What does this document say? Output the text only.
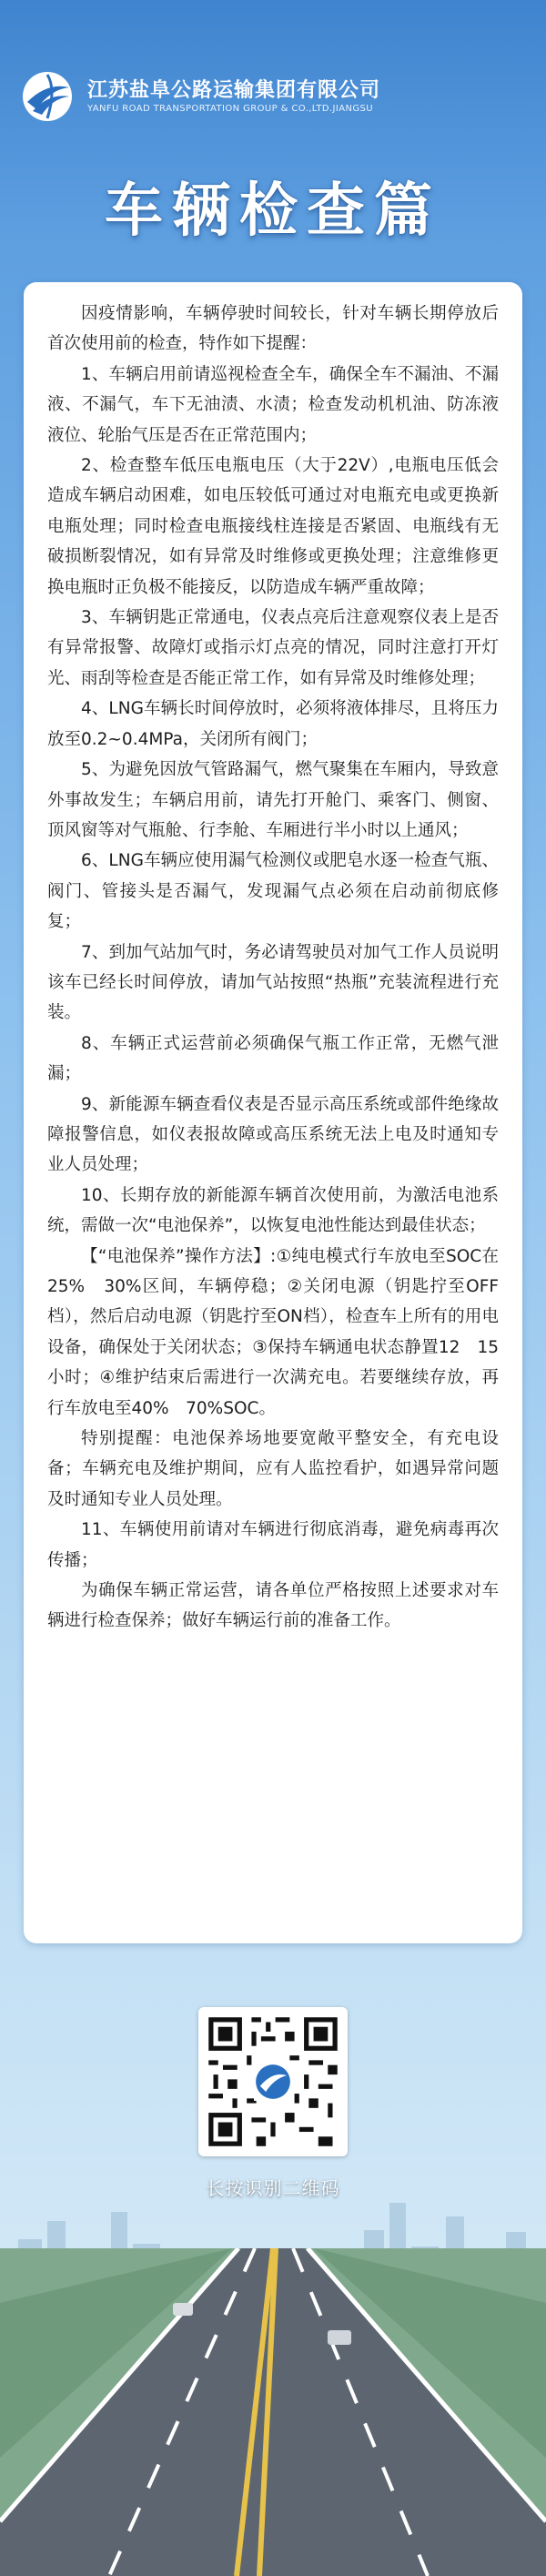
江苏盐阜公路运输集团有限公司
YANFU ROAD TRANSPORTATION GROUP & CO.,LTD.JIANGSU
车辆检查篇

因疫情影响，车辆停驶时间较长，针对车辆长期停放后首次使用前的检查，特作如下提醒：

1、车辆启用前请巡视检查全车，确保全车不漏油、不漏液、不漏气，车下无油渍、水渍；检查发动机机油、防冻液液位、轮胎气压是否在正常范围内；

2、检查整车低压电瓶电压（大于22V）,电瓶电压低会造成车辆启动困难，如电压较低可通过对电瓶充电或更换新电瓶处理；同时检查电瓶接线柱连接是否紧固、电瓶线有无破损断裂情况，如有异常及时维修或更换处理；注意维修更换电瓶时正负极不能接反，以防造成车辆严重故障；

3、车辆钥匙正常通电，仪表点亮后注意观察仪表上是否有异常报警、故障灯或指示灯点亮的情况，同时注意打开灯光、雨刮等检查是否能正常工作，如有异常及时维修处理；

4、LNG车辆长时间停放时，必须将液体排尽，且将压力放至0.2~0.4MPa，关闭所有阀门；

5、为避免因放气管路漏气，燃气聚集在车厢内，导致意外事故发生；车辆启用前，请先打开舱门、乘客门、侧窗、顶风窗等对气瓶舱、行李舱、车厢进行半小时以上通风；

6、LNG车辆应使用漏气检测仪或肥皂水逐一检查气瓶、阀门、管接头是否漏气，发现漏气点必须在启动前彻底修复；

7、到加气站加气时，务必请驾驶员对加气工作人员说明该车已经长时间停放，请加气站按照“热瓶”充装流程进行充装。

8、车辆正式运营前必须确保气瓶工作正常，无燃气泄漏；

9、新能源车辆查看仪表是否显示高压系统或部件绝缘故障报警信息，如仪表报故障或高压系统无法上电及时通知专业人员处理；

10、长期存放的新能源车辆首次使用前，为激活电池系统，需做一次“电池保养”，以恢复电池性能达到最佳状态；

【“电池保养”操作方法】:①纯电模式行车放电至SOC在25%　30%区间，车辆停稳；②关闭电源（钥匙拧至OFF档），然后启动电源（钥匙拧至ON档），检查车上所有的用电设备，确保处于关闭状态；③保持车辆通电状态静置12　15小时；④维护结束后需进行一次满充电。若要继续存放，再行车放电至40%　70%SOC。

特别提醒：电池保养场地要宽敞平整安全，有充电设备；车辆充电及维护期间，应有人监控看护，如遇异常问题及时通知专业人员处理。

11、车辆使用前请对车辆进行彻底消毒，避免病毒再次传播；

为确保车辆正常运营，请各单位严格按照上述要求对车辆进行检查保养；做好车辆运行前的准备工作。

长按识别二维码
